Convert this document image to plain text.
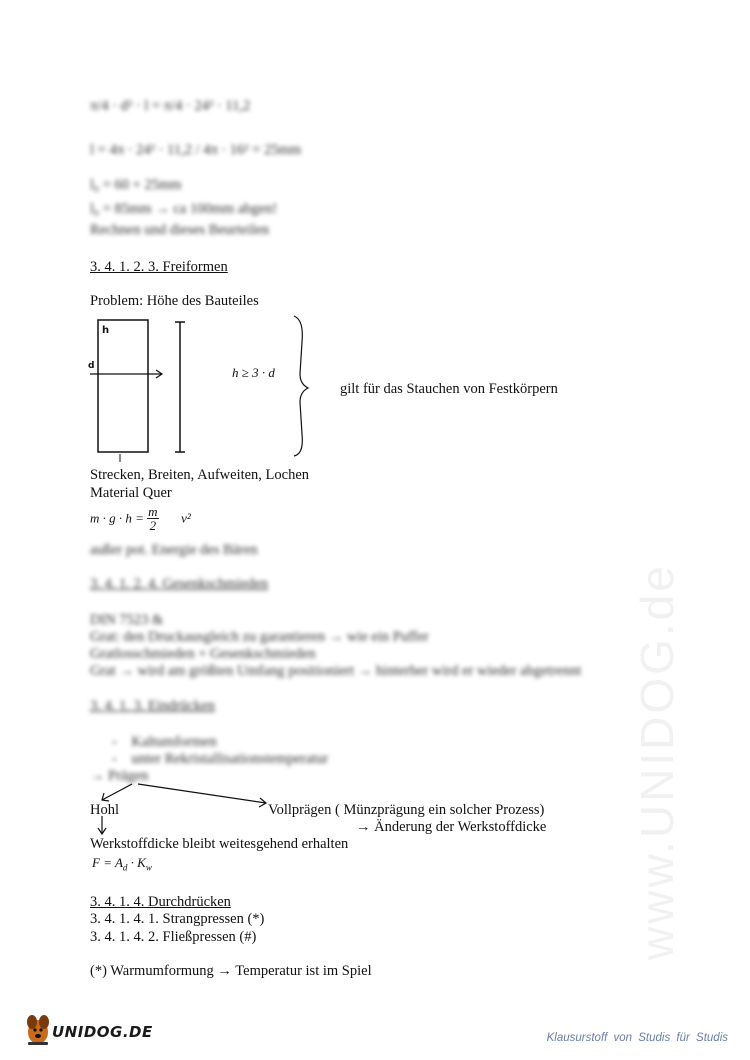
www.UNIDOG.de
π/4 · d² · l = π/4 · 24² · 11,2
l = 4π · 24² · 11,2 / 4π · 16² = 25mm
l₀ = 60 + 25mm
l₀ = 85mm → ca 100mm abgen!
Rechnen und dieses Beurteilen
3. 4. 1. 2. 3. Freiformen
Problem: Höhe des Bauteiles
h
d	h ≥ 3 · d
gilt für das Stauchen von Festkörpern
Strecken, Breiten, Aufweiten, Lochen
Material Quer
$m \cdot g \cdot h = \frac{m}{2} v^2$
außer pot. Energie des Bären
3. 4. 1. 2. 4. Gesenkschmieden
DIN 7523 &
Grat: den Druckausgleich zu garantieren → wie ein Puffer
Gratlosschmieden + Gesenkschmieden
Grat → wird am größten Umfang positioniert → hinterher wird er wieder abgetrennt
3. 4. 1. 3. Eindrücken
-    Kaltumformen
-    unter Rekristallisationstemperatur
→ Prägen
Hohl	Vollprägen ( Münzprägung ein solcher Prozess)
→ Änderung der Werkstoffdicke
Werkstoffdicke bleibt weitesgehend erhalten
$F = A_d \cdot K_w$
3. 4. 1. 4. Durchdrücken
3. 4. 1. 4. 1. Strangpressen (*)
3. 4. 1. 4. 2. Fließpressen (#)
(*) Warmumformung → Temperatur ist im Spiel
UNIDOG.DE	Klausurstoff von Studis für Studis
